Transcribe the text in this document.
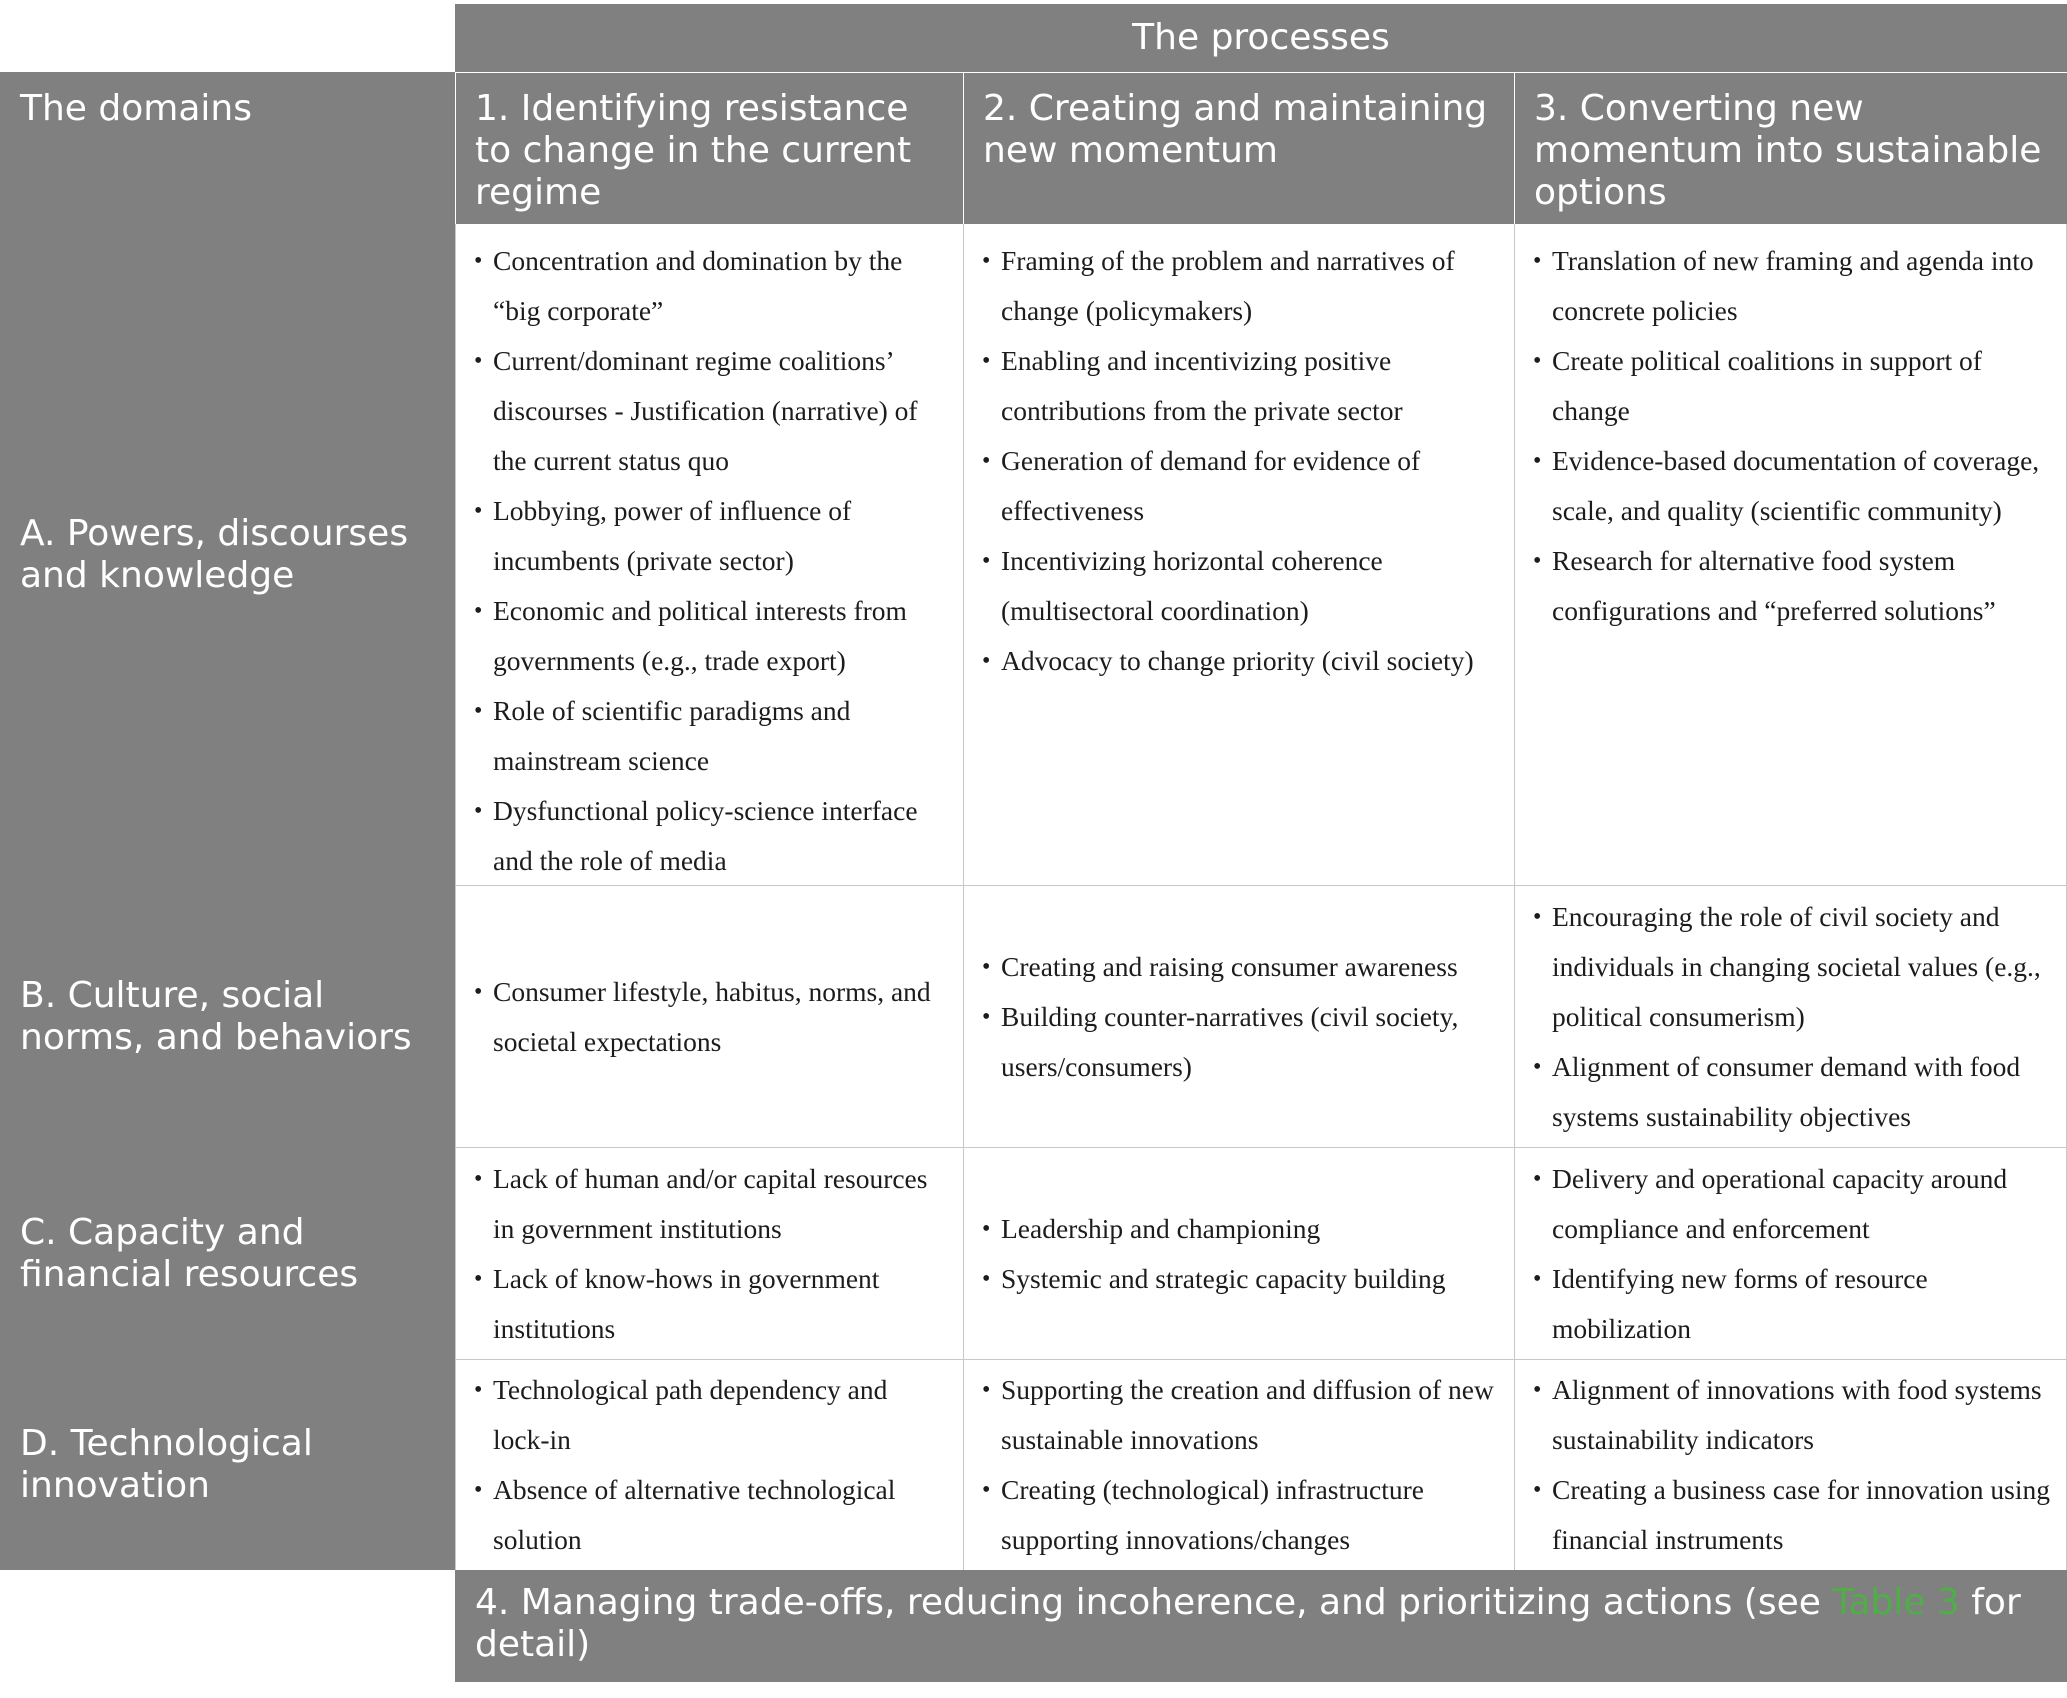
The processes
The domains	1. Identifying resistance to change in the current regime
2. Creating and maintaining new momentum
3. Converting new momentum into sustainable options
A. Powers, discourses and knowledge
• Concentration and domination by the “big corporate”
• Current/dominant regime coalitions’ discourses - Justification (narrative) of the current status quo
• Lobbying, power of influence of incumbents (private sector)
• Economic and political interests from governments (e.g., trade export)
• Role of scientific paradigms and mainstream science
• Dysfunctional policy-science interface and the role of media
• Framing of the problem and narratives of change (policymakers)
• Enabling and incentivizing positive contributions from the private sector
• Generation of demand for evidence of effectiveness
• Incentivizing horizontal coherence (multisectoral coordination)
• Advocacy to change priority (civil society)
• Translation of new framing and agenda into concrete policies
• Create political coalitions in support of change
• Evidence-based documentation of coverage, scale, and quality (scientific community)
• Research for alternative food system configurations and “preferred solutions”
B. Culture, social norms, and behaviors
• Consumer lifestyle, habitus, norms, and societal expectations
• Creating and raising consumer awareness
• Building counter-narratives (civil society, users/consumers)
• Encouraging the role of civil society and individuals in changing societal values (e.g., political consumerism)
• Alignment of consumer demand with food systems sustainability objectives
C. Capacity and financial resources
• Lack of human and/or capital resources in government institutions
• Lack of know-hows in government institutions
• Leadership and championing
• Systemic and strategic capacity building
• Delivery and operational capacity around compliance and enforcement
• Identifying new forms of resource mobilization
D. Technological innovation
• Technological path dependency and lock-in
• Absence of alternative technological solution
• Supporting the creation and diffusion of new sustainable innovations
• Creating (technological) infrastructure supporting innovations/changes
• Alignment of innovations with food systems sustainability indicators
• Creating a business case for innovation using financial instruments
4. Managing trade-offs, reducing incoherence, and prioritizing actions (see Table 3 for detail)
